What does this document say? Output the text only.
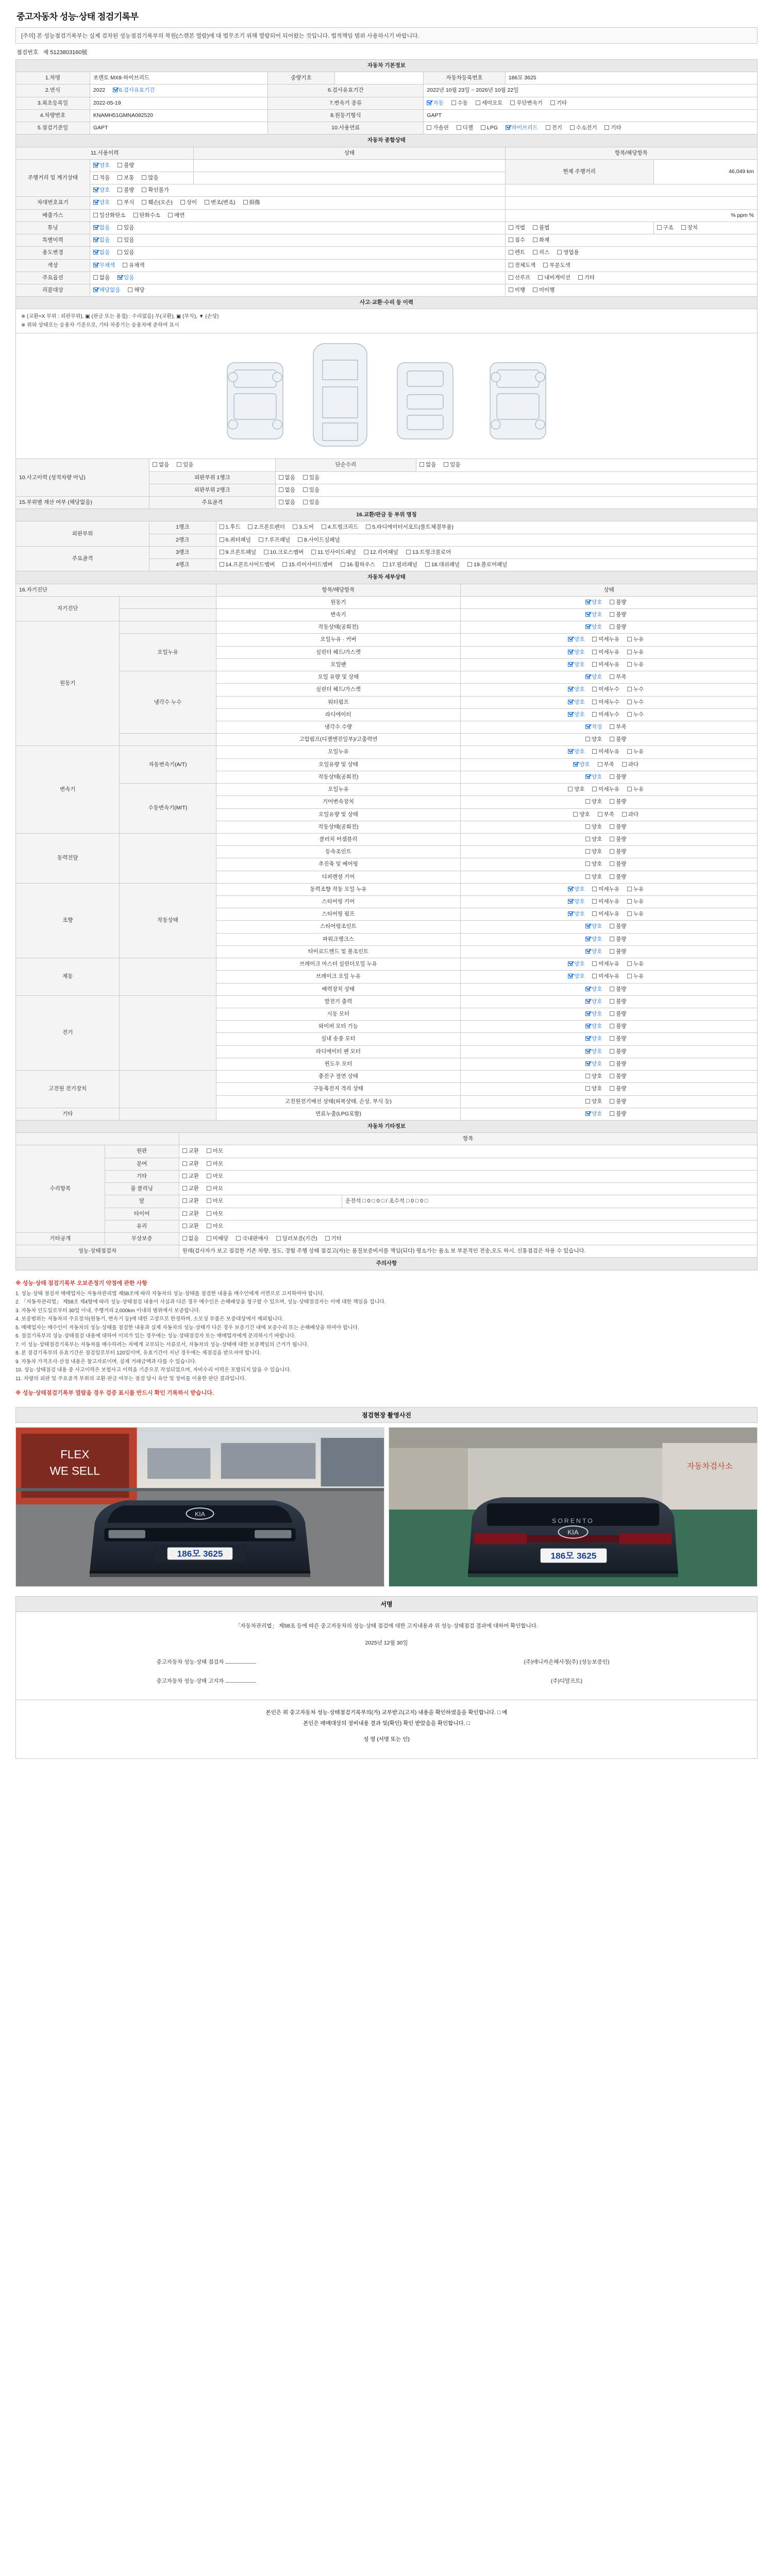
중고자동차 성능·상태 점검기록부
[주의] 본 성능점검기록부는 실제 검차된 성능점검기록부의 복원(스캔본 열람)에 대 법무조기 위해 열람되어 되어왔는 것입니다. 법적책임 범위 사용하시기 바랍니다.
점검번호 제 5123803160號
자동차 기본정보					
1.차명	쏘렌토 MX8-하이브리드	중량기호		자동차등록번호	186모 3625
2.연식	2022 6.검사유효기간	6.검사유효기간		2022년 10월 23일 ~ 2026년 10월 22일	
3.최초등록일	2022-05-19	7.변속기 종류		자동 수동 세미오토 무단변속기 기타	
4.차량번호	KNAMH51GMNA082520	8.원동기형식		GAPT	
5.점검기준일	GAPT	10.사용연료		가솔린 디젤 LPG 하이브리드 전기 수소전기 기타	
자동차 종합상태				
11.사용이력		상태	항목/해당항목	
주행거리 및 계기상태	양호 불량		현재 주행거리	46,049 km
	적음 보통 많음			
	양호 불량 확인불가			
차대번호표기	양호 부식 훼손(오손) 상이 변조(변조) 損傷			
배출가스	일산화탄소 탄화수소 매연		% ppm %	
튜닝	없음 있음		적법 불법	구조 장치
특별이력	없음 있음		침수 화재	
용도변경	없음 있음		렌트 리스 영업용	
색상	무채색 유채색		전체도색 부분도색	
주요옵션	없음 있음		선루프 내비게이션 기타	
리콜대상	해당없음 해당		이행 미이행	
사고·교환·수리 등 이력
※ (교환=X 부위 : 외판부위), ▣ (판금 또는 용접) : 수리없음) 부(교환), ▣ (부식), ▼ (손상)
※ 위와 상태로는 승용차 기준으로, 기타 차종기는 승용차에 준하여 표시
10.사고이력 (성적차량 아님)	없음 있음	단순수리	없음 있음
	외판부위 1랭크	없음 있음	
	외판부위 2랭크	없음 있음	
15.부위별 재산 여부 (해당없음)	주요골격	없음 있음	
16.교환/판금 등 부위 명칭		
외판부위	1랭크	1.후드 2.프론트펜더 3.도어 4.트렁크리드 5.라디에이터서포트(볼트체결부품)
	2랭크	6.쿼터패널 7.루프패널 8.사이드실패널
주요골격	3랭크	9.프론트패널 10.크로스멤버 11.인사이드패널 12.리어패널 13.트렁크플로어
	4랭크	14.프론트사이드멤버 15.리어사이드멤버 16.휠하우스 17.필러패널 18.대쉬패널 19.플로어패널
자동차 세부상태			
16.자기진단		항목/해당항목	상태
자기진단		원동기	양호 불량
		변속기	양호 불량
원동기		작동상태(공회전)	양호 불량
	오일누유	오일누유 · 커버	양호 미세누유 누유
		실린더 헤드/가스켓	양호 미세누유 누유
		오일팬	양호 미세누유 누유
	냉각수 누수	오일 유량 및 상태	양호 부족
		실린더 헤드/가스켓	양호 미세누수 누수
		워터펌프	양호 미세누수 누수
		라디에이터	양호 미세누수 누수
		냉각수 수량	적정 부족
		고압펌프(디젤엔진일부)/고출력연	양호 불량
변속기	자동변속기(A/T)	오일누유	양호 미세누유 누유
		오일유량 및 상태	양호 부족 과다
		작동상태(공회전)	양호 불량
	수동변속기(M/T)	오일누유	양호 미세누유 누유
		기어변속장치	양호 불량
		오일유량 및 상태	양호 부족 과다
		작동상태(공회전)	양호 불량
동력전달		클러치 어셈블리	양호 불량
		등속조인트	양호 불량
		추진축 및 베어링	양호 불량
		디퍼렌셜 기어	양호 불량
조향	작동상태	동력조향 작동 오일 누유	양호 미세누유 누유
		스티어링 기어	양호 미세누유 누유
		스티어링 펌프	양호 미세누유 누유
		스티어링조인트	양호 불량
		파워크랭크스	양호 불량
		타이로드엔드 및 볼조인트	양호 불량
제동		브레이크 마스터 실린더오일 누유	양호 미세누유 누유
		브레이크 오일 누유	양호 미세누유 누유
		배력장치 상태	양호 불량
전기		발전기 출력	양호 불량
		시동 모터	양호 불량
		와이퍼 모터 기능	양호 불량
		실내 송풍 모터	양호 불량
		라디에이터 팬 모터	양호 불량
		윈도우 모터	양호 불량
고전원 전기장치		충전구 절연 상태	양호 불량
		구동축전지 격리 상태	양호 불량
		고전원전기배선 상태(피복상태, 손상, 부식 등)	양호 불량
기타		연료누출(LPG포함)	양호 불량
자동차 기타정보			
		항목	
수리항목	원판	교환 마모	
	분여	교환 마모	
	기타	교환 마모	
	룸 클리닝	교환 마모	
	탈	교환 마모	운전석 □ 0 □ 0 □ / 조수석 □ 0 □ 0 □
	타이어	교환 마모	
	유리	교환 마모	
기타공개	무상보증	없음 미해당 국내판매사 딜러보증(기간) 기타	
성능·상태점검자		원래(검사자가 보고 점검한 기존 차량, 정도, 경험 주행 상태 점검고(자)는 품질보증비서를 책임(되다) 평소가는 품소 보 부분적인 전송,오도 하시, 신통점검은 차용 수 있습니다.	
주의사항
※ 성능·상태 점검기록부 오보존정기 약정에 관한 사항
1. 성능·상태 점검자 매매업자는 자동차관리법 제58조에 따라 자동차의 성능·상태를 점검한 내용을 매수인에게 서면으로 고지하여야 합니다.
2. 「자동차관리법」 제58조 제4항에 따라 성능·상태점검 내용이 사실과 다른 경우 매수인은 손해배상을 청구할 수 있으며, 성능·상태점검자는 이에 대한 책임을 집니다.
3. 자동차 인도일로부터 30일 이내, 주행거리 2,000km 이내의 범위에서 보증합니다.
4. 보증범위는 자동차의 주요장치(원동기, 변속기 등)에 대한 고장으로 한정하며, 소모성 부품은 보증대상에서 제외됩니다.
5. 매매업자는 매수인이 자동차의 성능·상태를 점검한 내용과 실제 자동차의 성능·상태가 다른 경우 보증기간 내에 보증수리 또는 손해배상을 하여야 합니다.
6. 점검기록부의 성능·상태점검 내용에 대하여 이의가 있는 경우에는 성능·상태점검자 또는 매매업자에게 문의하시기 바랍니다.
7. 이 성능·상태점검기록부는 자동차를 매수하려는 자에게 교부되는 서류로서, 자동차의 성능·상태에 대한 보증책임의 근거가 됩니다.
8. 본 점검기록부의 유효기간은 점검일로부터 120일이며, 유효기간이 지난 경우에는 재점검을 받으셔야 합니다.
9. 자동차 가격조사·산정 내용은 참고자료이며, 실제 거래금액과 다를 수 있습니다.
10. 성능·상태점검 내용 중 사고이력은 보험사고 이력을 기준으로 작성되었으며, 자비수리 이력은 포함되지 않을 수 있습니다.
11. 차량의 외판 및 주요골격 부위의 교환·판금 여부는 점검 당시 육안 및 장비를 이용한 판단 결과입니다.
※ 성능·상태점검기록부 열람을 경우 검증 표시를 반드시 확인 기록하시 받습니다.
점검현장 촬영사진
FLEX
WE SELL
186모 3625
KIA
자동차검사소
KIA
SORENTO
186모 3625
서명
「자동차관리법」 제58조 등에 따른 중고자동차의 성능·상태 점검에 대한 고지내용과 위 성능·상태점검 결과에 대하여 확인합니다.
2025년 12월 30일
중고자동차 성능·상태 점검자	(주)애니카손해사정(주) (성능보증인)
중고자동차 성능·상태 고지자	(주)디알프트)
본인은 위 중고자동차 성능·상태점검기록부의(가) 교부받고(고지) 내용을 확인하였음을 확인합니다. □ 예
본인은 매매대상의 정비내용 결과 및(확인) 확인 받았음을 확인합니다. □
성 명 (서명 또는 인)
